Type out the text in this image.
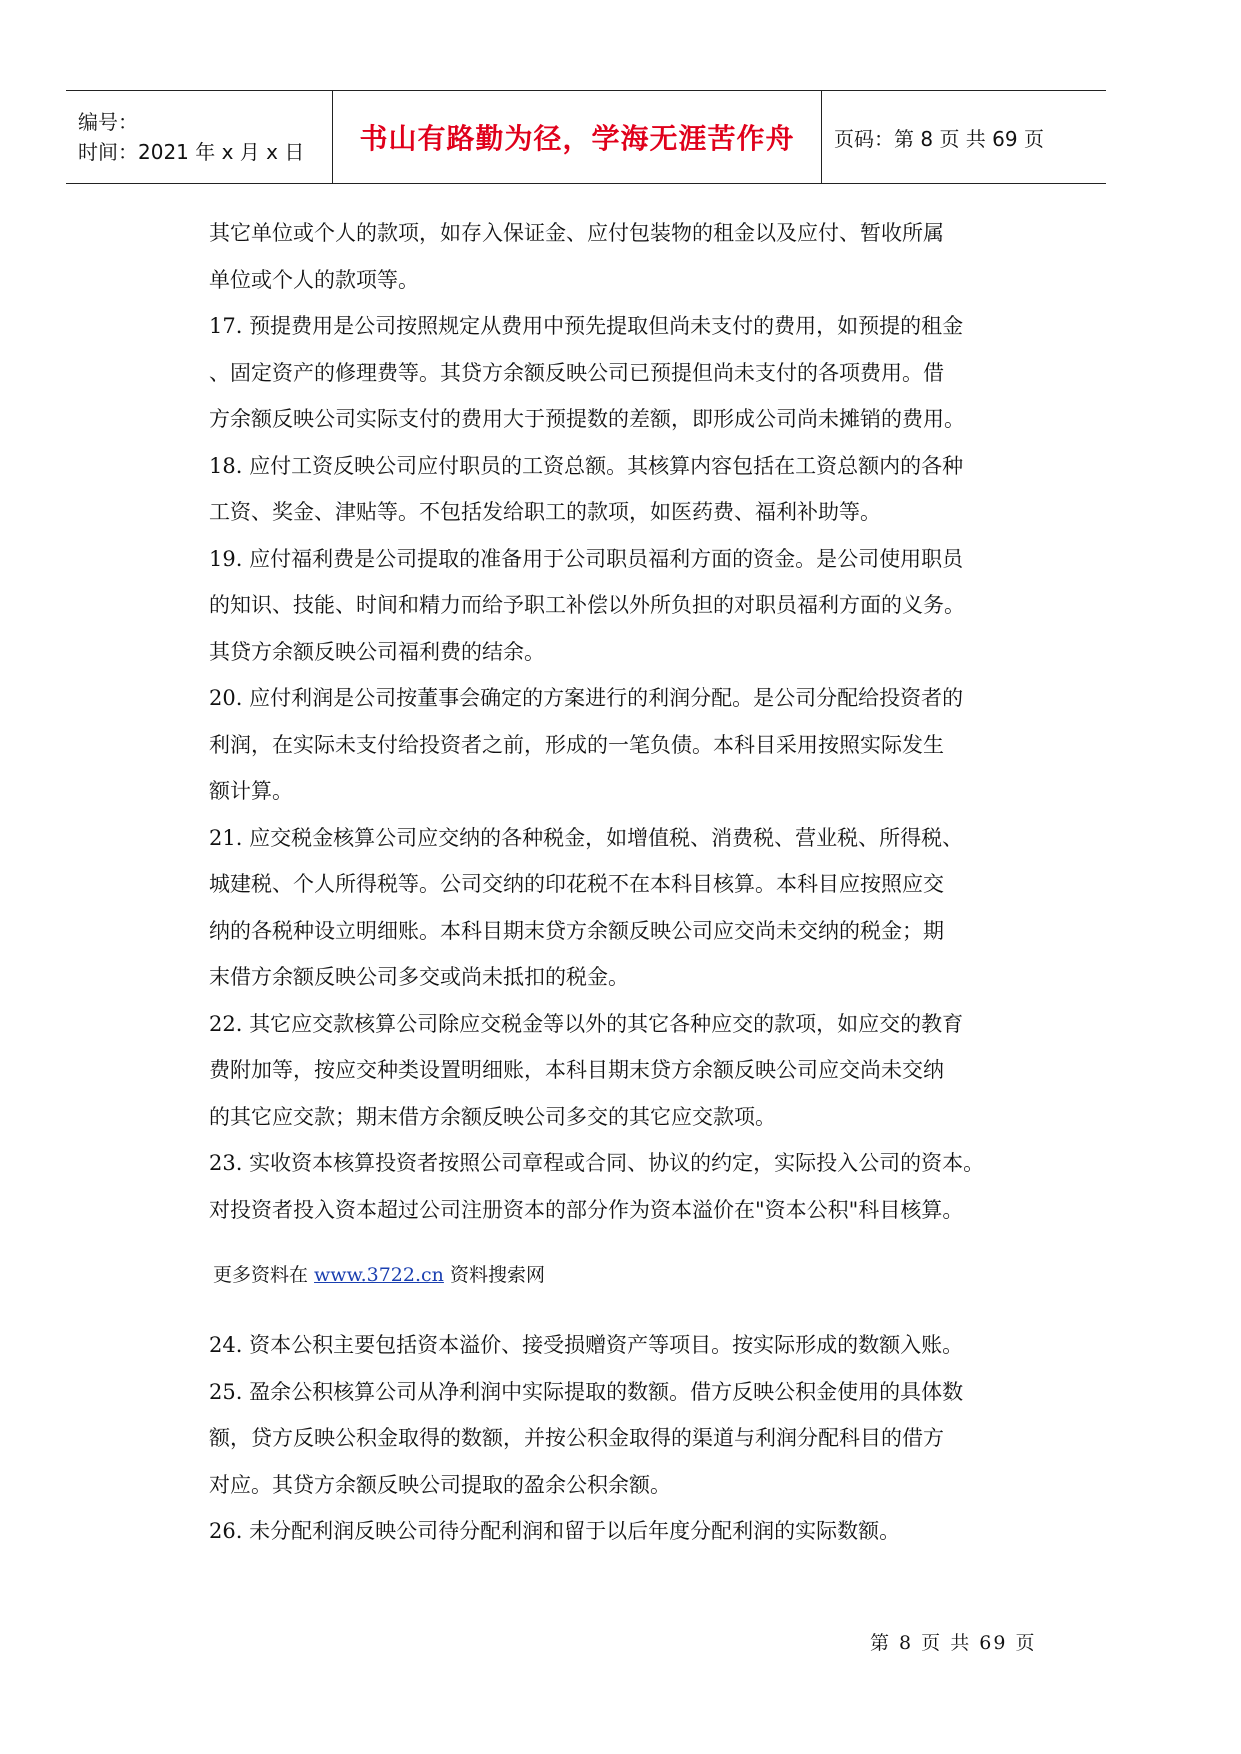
编号：
时间：2021 年 x 月 x 日	书山有路勤为径，学海无涯苦作舟 页码：第 8 页 共 69 页

其它单位或个人的款项，如存入保证金、应付包装物的租金以及应付、暂收所属

单位或个人的款项等。

17. 预提费用是公司按照规定从费用中预先提取但尚未支付的费用，如预提的租金

、固定资产的修理费等。其贷方余额反映公司已预提但尚未支付的各项费用。借

方余额反映公司实际支付的费用大于预提数的差额，即形成公司尚未摊销的费用。

18. 应付工资反映公司应付职员的工资总额。其核算内容包括在工资总额内的各种

工资、奖金、津贴等。不包括发给职工的款项，如医药费、福利补助等。

19. 应付福利费是公司提取的准备用于公司职员福利方面的资金。是公司使用职员

的知识、技能、时间和精力而给予职工补偿以外所负担的对职员福利方面的义务。

其贷方余额反映公司福利费的结余。

20. 应付利润是公司按董事会确定的方案进行的利润分配。是公司分配给投资者的

利润，在实际未支付给投资者之前，形成的一笔负债。本科目采用按照实际发生

额计算。

21. 应交税金核算公司应交纳的各种税金，如增值税、消费税、营业税、所得税、

城建税、个人所得税等。公司交纳的印花税不在本科目核算。本科目应按照应交

纳的各税种设立明细账。本科目期末贷方余额反映公司应交尚未交纳的税金；期

末借方余额反映公司多交或尚未抵扣的税金。

22. 其它应交款核算公司除应交税金等以外的其它各种应交的款项，如应交的教育

费附加等，按应交种类设置明细账，本科目期末贷方余额反映公司应交尚未交纳

的其它应交款；期末借方余额反映公司多交的其它应交款项。

23. 实收资本核算投资者按照公司章程或合同、协议的约定，实际投入公司的资本。

对投资者投入资本超过公司注册资本的部分作为资本溢价在"资本公积"科目核算。

更多资料在 www.3722.cn 资料搜索网

24. 资本公积主要包括资本溢价、接受损赠资产等项目。按实际形成的数额入账。

25. 盈余公积核算公司从净利润中实际提取的数额。借方反映公积金使用的具体数

额，贷方反映公积金取得的数额，并按公积金取得的渠道与利润分配科目的借方

对应。其贷方余额反映公司提取的盈余公积余额。

26. 未分配利润反映公司待分配利润和留于以后年度分配利润的实际数额。

第 8 页 共 69 页
